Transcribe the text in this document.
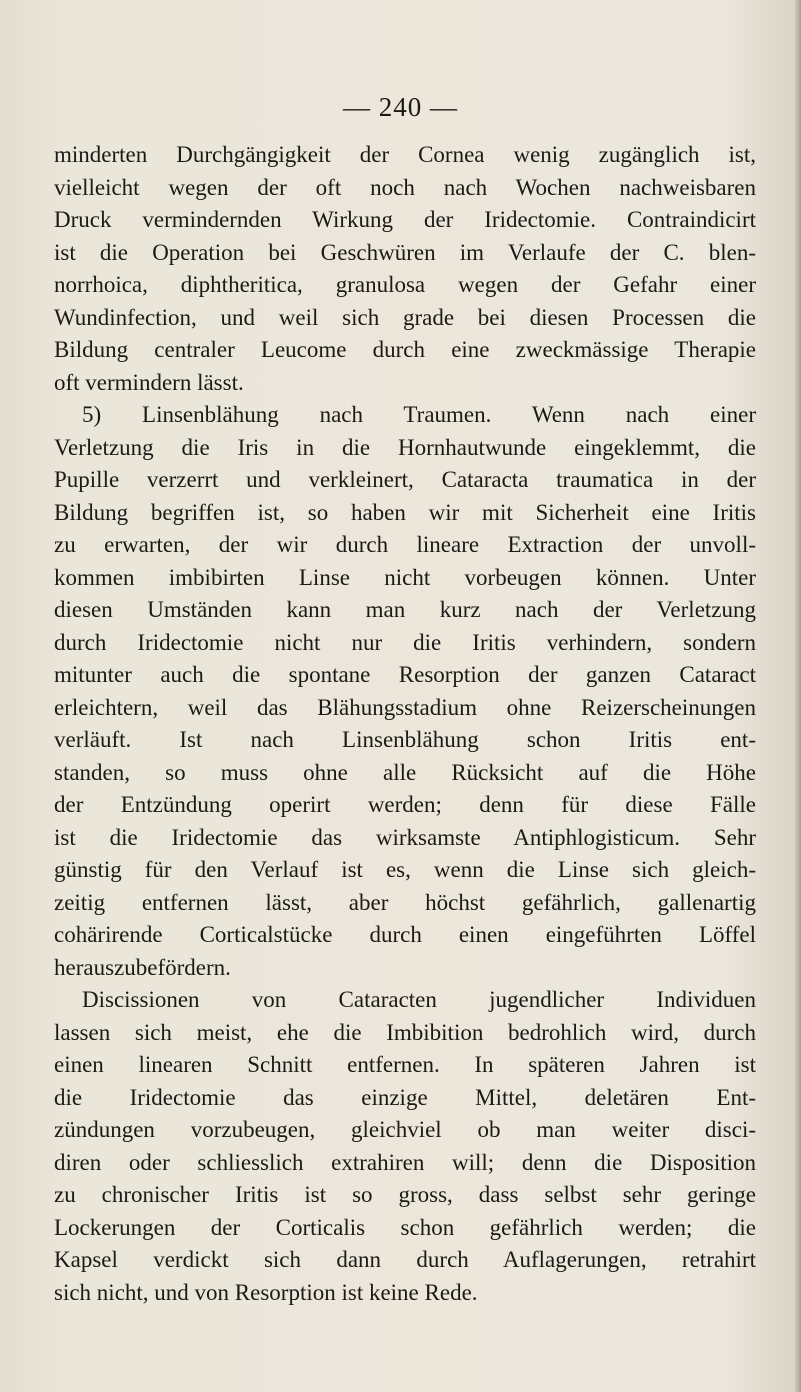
— 240 —
minderten Durchgängigkeit der Cornea wenig zugänglich ist,
vielleicht wegen der oft noch nach Wochen nachweisbaren
Druck vermindernden Wirkung der Iridectomie. Contraindicirt
ist die Operation bei Geschwüren im Verlaufe der C. blen-
norrhoica, diphtheritica, granulosa wegen der Gefahr einer
Wundinfection, und weil sich grade bei diesen Processen die
Bildung centraler Leucome durch eine zweckmässige Therapie
oft vermindern lässt.
5) Linsenblähung nach Traumen. Wenn nach einer
Verletzung die Iris in die Hornhautwunde eingeklemmt, die
Pupille verzerrt und verkleinert, Cataracta traumatica in der
Bildung begriffen ist, so haben wir mit Sicherheit eine Iritis
zu erwarten, der wir durch lineare Extraction der unvoll-
kommen imbibirten Linse nicht vorbeugen können. Unter
diesen Umständen kann man kurz nach der Verletzung
durch Iridectomie nicht nur die Iritis verhindern, sondern
mitunter auch die spontane Resorption der ganzen Cataract
erleichtern, weil das Blähungsstadium ohne Reizerscheinungen
verläuft. Ist nach Linsenblähung schon Iritis ent-
standen, so muss ohne alle Rücksicht auf die Höhe
der Entzündung operirt werden; denn für diese Fälle
ist die Iridectomie das wirksamste Antiphlogisticum. Sehr
günstig für den Verlauf ist es, wenn die Linse sich gleich-
zeitig entfernen lässt, aber höchst gefährlich, gallenartig
cohärirende Corticalstücke durch einen eingeführten Löffel
herauszubefördern.
Discissionen von Cataracten jugendlicher Individuen
lassen sich meist, ehe die Imbibition bedrohlich wird, durch
einen linearen Schnitt entfernen. In späteren Jahren ist
die Iridectomie das einzige Mittel, deletären Ent-
zündungen vorzubeugen, gleichviel ob man weiter disci-
diren oder schliesslich extrahiren will; denn die Disposition
zu chronischer Iritis ist so gross, dass selbst sehr geringe
Lockerungen der Corticalis schon gefährlich werden; die
Kapsel verdickt sich dann durch Auflagerungen, retrahirt
sich nicht, und von Resorption ist keine Rede.
